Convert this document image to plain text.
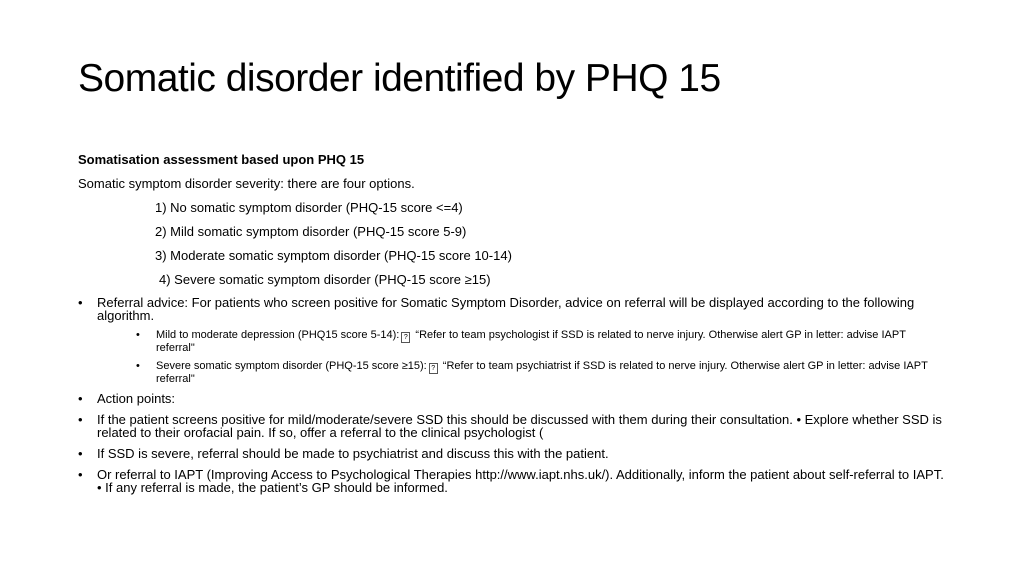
Somatic disorder identified by PHQ 15
Somatisation assessment based upon PHQ 15
Somatic symptom disorder severity: there are four options.
1) No somatic symptom disorder (PHQ-15 score <=4)
2) Mild somatic symptom disorder (PHQ-15 score 5-9)
3) Moderate somatic symptom disorder (PHQ-15 score 10-14)
4) Severe somatic symptom disorder (PHQ-15 score ≥15)
• Referral advice: For patients who screen positive for Somatic Symptom Disorder, advice on referral will be displayed according to the following algorithm.
• Mild to moderate depression (PHQ15 score 5-14): ? “Refer to team psychologist if SSD is related to nerve injury. Otherwise alert GP in letter: advise IAPT referral"
• Severe somatic symptom disorder (PHQ-15 score ≥15): ? “Refer to team psychiatrist if SSD is related to nerve injury. Otherwise alert GP in letter: advise IAPT referral"
• Action points:
• If the patient screens positive for mild/moderate/severe SSD this should be discussed with them during their consultation. • Explore whether SSD is related to their orofacial pain. If so, offer a referral to the clinical psychologist (
• If SSD is severe, referral should be made to psychiatrist and discuss this with the patient.
• Or referral to IAPT (Improving Access to Psychological Therapies http://www.iapt.nhs.uk/). Additionally, inform the patient about self-referral to IAPT. • If any referral is made, the patient’s GP should be informed.
